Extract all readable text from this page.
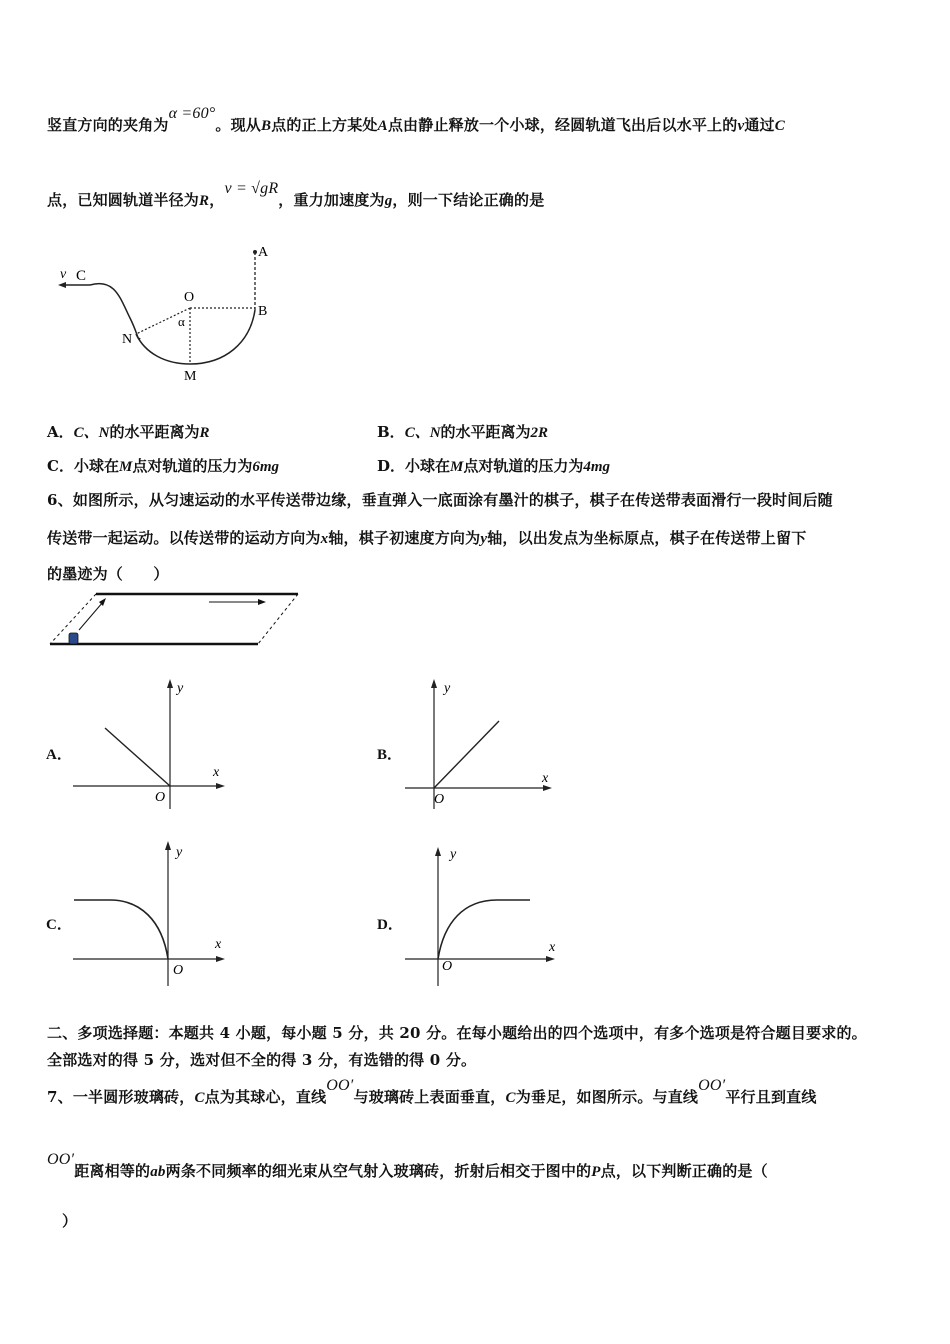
竖直方向的夹角为α =60°。现从B点的正上方某处A点由静止释放一个小球，经圆轨道飞出后以水平上的v通过C
点，已知圆轨道半径为R，v = √gR，重力加速度为g，则一下结论正确的是
v C
A
O
α
B
N
M
A．C、N的水平距离为R	B．C、N的水平距离为2R
C．小球在M点对轨道的压力为6mg	D．小球在M点对轨道的压力为4mg
6、如图所示，从匀速运动的水平传送带边缘，垂直弹入一底面涂有墨汁的棋子，棋子在传送带表面滑行一段时间后随
传送带一起运动。以传送带的运动方向为x轴，棋子初速度方向为y轴，以出发点为坐标原点，棋子在传送带上留下
的墨迹为（　　）
A．
y
x
O
B．
y
x
O
C．
y
x
O
D．
y
x
O
二、多项选择题：本题共 4 小题，每小题 5 分，共 20 分。在每小题给出的四个选项中，有多个选项是符合题目要求的。
全部选对的得 5 分，选对但不全的得 3 分，有选错的得 0 分。
7、一半圆形玻璃砖，C点为其球心，直线OO′与玻璃砖上表面垂直，C为垂足，如图所示。与直线OO′平行且到直线
OO′距离相等的ab两条不同频率的细光束从空气射入玻璃砖，折射后相交于图中的P点，以下判断正确的是（
）
